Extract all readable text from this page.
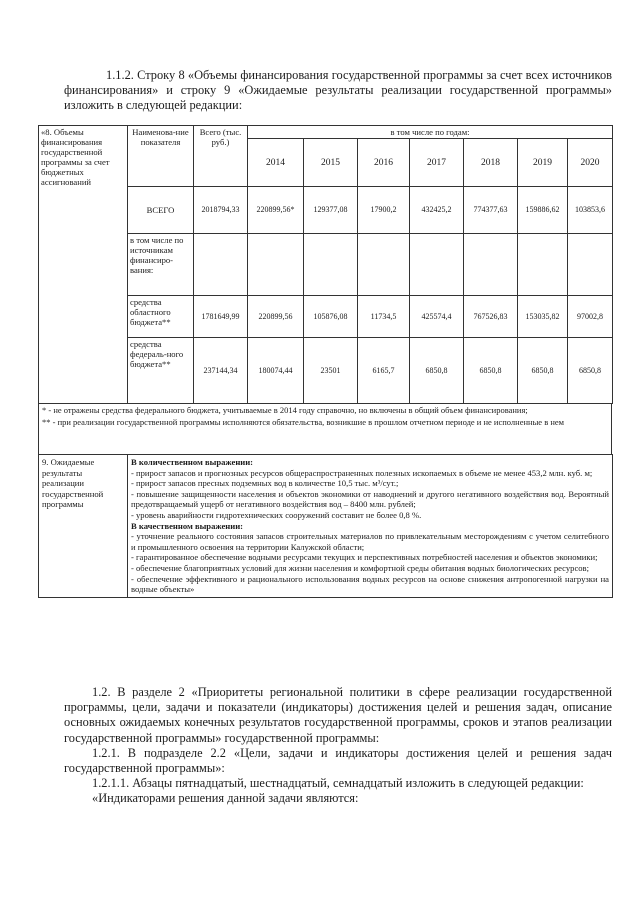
1.1.2. Строку 8 «Объемы финансирования государственной программы за счет всех источников финансирования» и строку 9 «Ожидаемые результаты реализации государственной программы» изложить в следующей редакции:

«8. Объемы финансирования государственной программы за счет бюджетных ассигнований	Наименова-ние показателя	Всего (тыс. руб.)	в том числе по годам:						
			2014	2015	2016	2017	2018	2019	2020
	ВСЕГО	2018794,33	220899,56*	129377,08	17900,2	432425,2	774377,63	159886,62	103853,6
	в том числе по источникам финансиро-вания:								
	средства областного бюджета**	1781649,99	220899,56	105876,08	11734,5	425574,4	767526,83	153035,82	97002,8
	средства федераль-ного бюджета**	237144,34	180074,44	23501	6165,7	6850,8	6850,8	6850,8	6850,8

* - не отражены средства федерального бюджета, учитываемые в 2014 году справочно, но включены в общий объем финансирования;

** - при реализации государственной программы исполняются обязательства, возникшие в прошлом отчетном периоде и не исполненные в нем

9. Ожидаемые результаты реализации государственной программы	

В количественном выражении:

- прирост запасов и прогнозных ресурсов общераспространенных полезных ископаемых в объеме не менее 453,2 млн. куб. м;

- прирост запасов пресных подземных вод в количестве 10,5 тыс. м³/сут.;

- повышение защищенности населения и объектов экономики от наводнений и другого негативного воздействия вод. Вероятный предотвращаемый ущерб от негативного воздействия вод – 8400 млн. рублей;

- уровень аварийности гидротехнических сооружений составит не более 0,8 %.

В качественном выражении:

- уточнение реального состояния запасов строительных материалов по привлекательным месторождениям с учетом селитебного и промышленного освоения на территории Калужской области;

- гарантированное обеспечение водными ресурсами текущих и перспективных потребностей населения и объектов экономики;

- обеспечение благоприятных условий для жизни населения и комфортной среды обитания водных биологических ресурсов;

- обеспечение эффективного и рационального использования водных ресурсов на основе снижения антропогенной нагрузки на водные объекты»

1.2. В разделе 2 «Приоритеты региональной политики в сфере реализации государственной программы, цели, задачи и показатели (индикаторы) достижения целей и решения задач, описание основных ожидаемых конечных результатов государственной программы, сроков и этапов реализации государственной программы» государственной программы:

1.2.1. В подразделе 2.2 «Цели, задачи и индикаторы достижения целей и решения задач государственной программы»:

1.2.1.1. Абзацы пятнадцатый, шестнадцатый, семнадцатый изложить в следующей редакции:

«Индикаторами решения данной задачи являются:
